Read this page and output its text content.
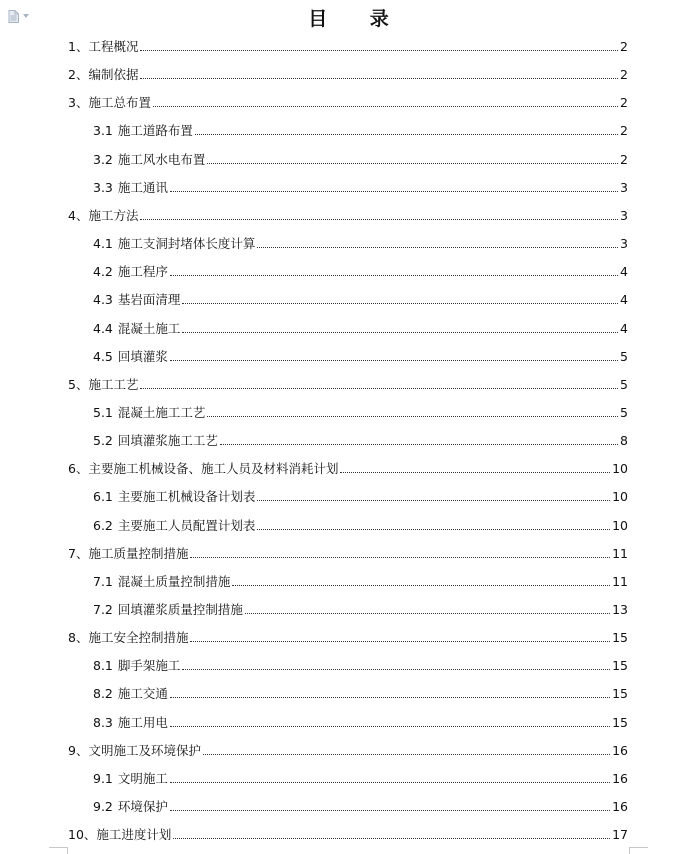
目 录
1、 工程概况	2
2、 编制依据	2
3、 施工总布置	2
3.1 施工道路布置	2
3.2 施工风水电布置	2
3.3 施工通讯	3
4、 施工方法	3
4.1 施工支洞封堵体长度计算	3
4.2 施工程序	4
4.3 基岩面清理	4
4.4 混凝土施工	4
4.5 回填灌浆	5
5、 施工工艺	5
5.1 混凝土施工工艺	5
5.2 回填灌浆施工工艺	8
6、 主要施工机械设备、施工人员及材料消耗计划	10
6.1 主要施工机械设备计划表	10
6.2 主要施工人员配置计划表	10
7、 施工质量控制措施	11
7.1 混凝土质量控制措施	11
7.2 回填灌浆质量控制措施	13
8、 施工安全控制措施	15
8.1 脚手架施工	15
8.2 施工交通	15
8.3 施工用电	15
9、 文明施工及环境保护	16
9.1 文明施工	16
9.2 环境保护	16
10、 施工进度计划	17
